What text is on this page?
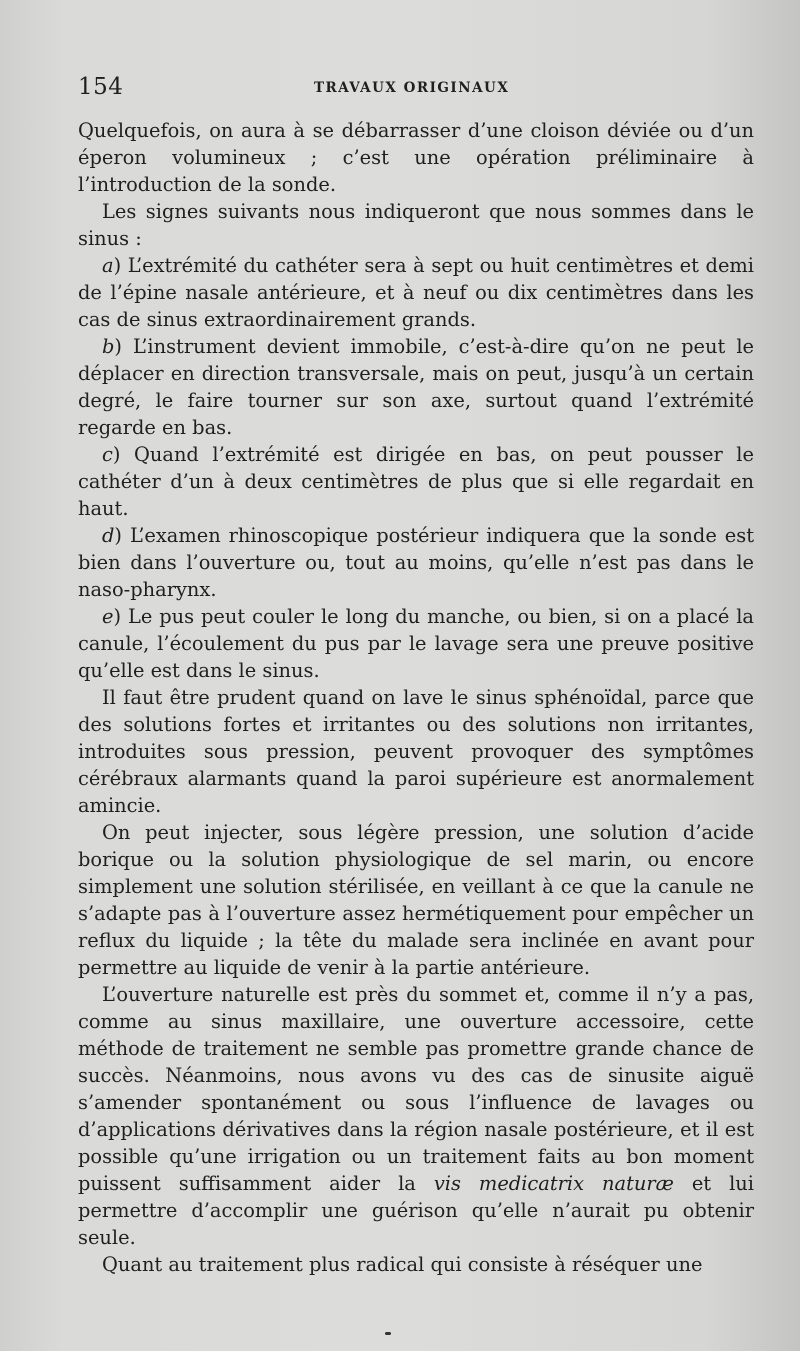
154	TRAVAUX ORIGINAUX

Quelquefois, on aura à se débarrasser d’une cloison déviée ou d’un éperon volumineux ; c’est une opération préliminaire à l’introduction de la sonde.

Les signes suivants nous indiqueront que nous sommes dans le sinus :

a) L’extrémité du cathéter sera à sept ou huit centimètres et demi de l’épine nasale antérieure, et à neuf ou dix centimètres dans les cas de sinus extraordinairement grands.

b) L’instrument devient immobile, c’est-à-dire qu’on ne peut le déplacer en direction transversale, mais on peut, jusqu’à un certain degré, le faire tourner sur son axe, surtout quand l’extrémité regarde en bas.

c) Quand l’extrémité est dirigée en bas, on peut pousser le cathéter d’un à deux centimètres de plus que si elle regardait en haut.

d) L’examen rhinoscopique postérieur indiquera que la sonde est bien dans l’ouverture ou, tout au moins, qu’elle n’est pas dans le naso-pharynx.

e) Le pus peut couler le long du manche, ou bien, si on a placé la canule, l’écoulement du pus par le lavage sera une preuve positive qu’elle est dans le sinus.

Il faut être prudent quand on lave le sinus sphénoïdal, parce que des solutions fortes et irritantes ou des solutions non irritantes, introduites sous pression, peuvent provoquer des symptômes cérébraux alarmants quand la paroi supérieure est anormalement amincie.

On peut injecter, sous légère pression, une solution d’acide borique ou la solution physiologique de sel marin, ou encore simplement une solution stérilisée, en veillant à ce que la canule ne s’adapte pas à l’ouverture assez hermétiquement pour empêcher un reflux du liquide ; la tête du malade sera inclinée en avant pour permettre au liquide de venir à la partie antérieure.

L’ouverture naturelle est près du sommet et, comme il n’y a pas, comme au sinus maxillaire, une ouverture accessoire, cette méthode de traitement ne semble pas promettre grande chance de succès. Néanmoins, nous avons vu des cas de sinusite aiguë s’amender spontanément ou sous l’influence de lavages ou d’applications dérivatives dans la région nasale postérieure, et il est possible qu’une irrigation ou un traitement faits au bon moment puissent suffisamment aider la vis medicatrix naturæ et lui permettre d’accomplir une guérison qu’elle n’aurait pu obtenir seule.

Quant au traitement plus radical qui consiste à réséquer une
